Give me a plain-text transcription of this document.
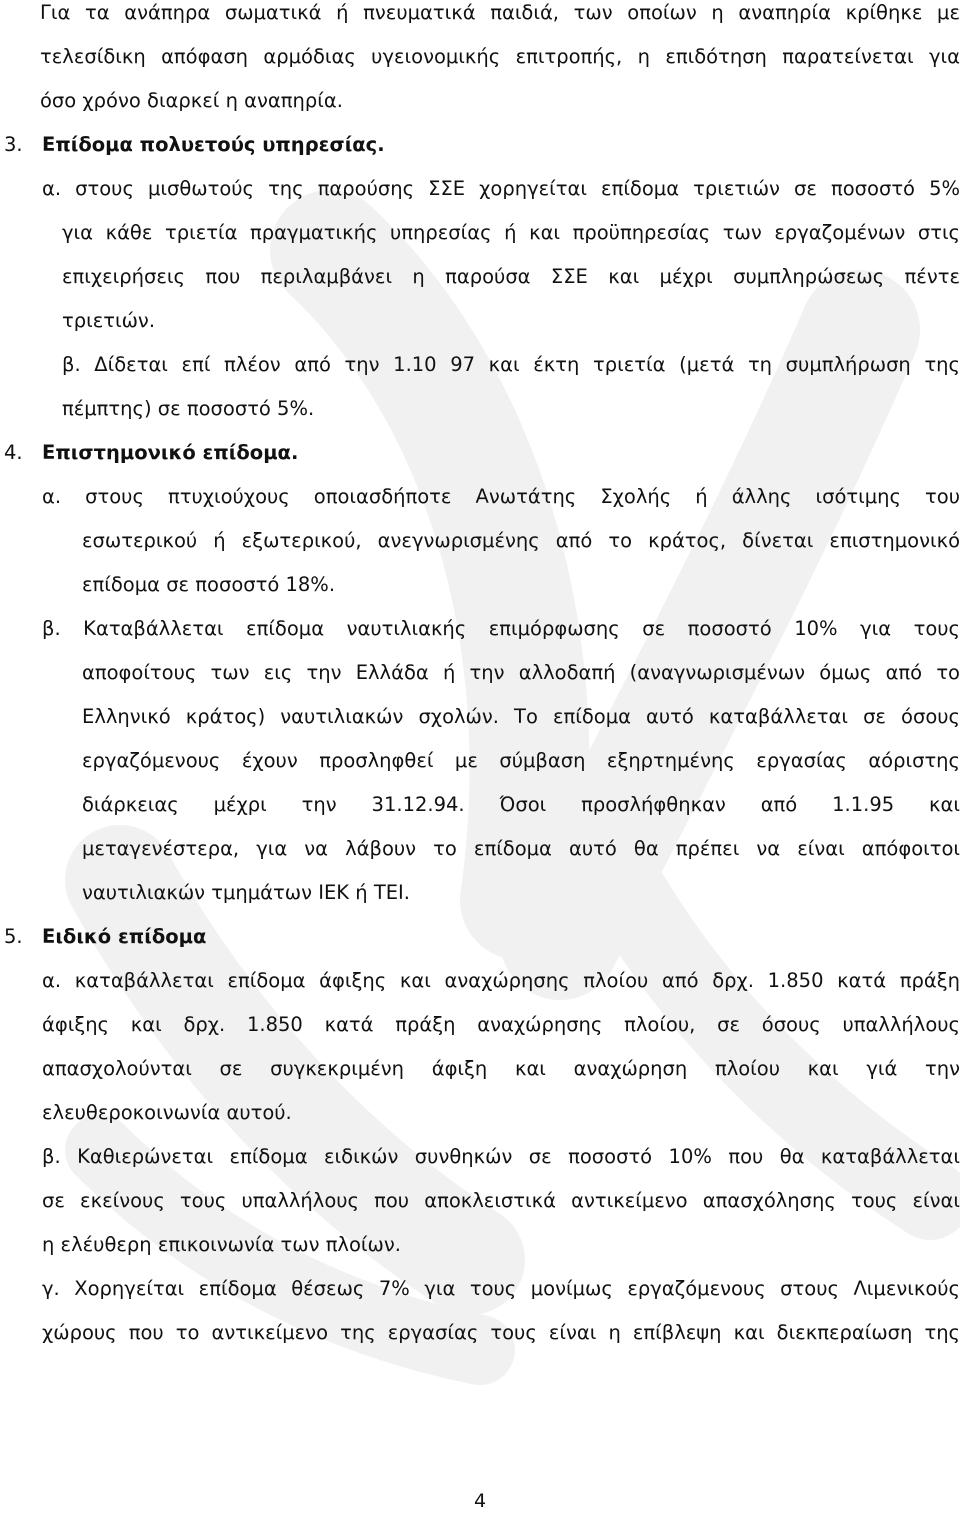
Για τα ανάπηρα σωματικά ή πνευματικά παιδιά, των οποίων η αναπηρία κρίθηκε με
τελεσίδικη απόφαση αρμόδιας υγειονομικής επιτροπής, η επιδότηση παρατείνεται για
όσο χρόνο διαρκεί η αναπηρία.
3. Επίδομα πολυετούς υπηρεσίας.
α. στους μισθωτούς της παρούσης ΣΣΕ χορηγείται επίδομα τριετιών σε ποσοστό 5%
για κάθε τριετία πραγματικής υπηρεσίας ή και προϋπηρεσίας των εργαζομένων στις
επιχειρήσεις που περιλαμβάνει η παρούσα ΣΣΕ και μέχρι συμπληρώσεως πέντε
τριετιών.
β. Δίδεται επί πλέον από την 1.10 97 και έκτη τριετία (μετά τη συμπλήρωση της
πέμπτης) σε ποσοστό 5%.
4. Επιστημονικό επίδομα.
α. στους πτυχιούχους οποιασδήποτε Ανωτάτης Σχολής ή άλλης ισότιμης του
εσωτερικού ή εξωτερικού, ανεγνωρισμένης από το κράτος, δίνεται επιστημονικό
επίδομα σε ποσοστό 18%.
β. Καταβάλλεται επίδομα ναυτιλιακής επιμόρφωσης σε ποσοστό 10% για τους
αποφοίτους των εις την Ελλάδα ή την αλλοδαπή (αναγνωρισμένων όμως από το
Ελληνικό κράτος) ναυτιλιακών σχολών. Το επίδομα αυτό καταβάλλεται σε όσους
εργαζόμενους έχουν προσληφθεί με σύμβαση εξηρτημένης εργασίας αόριστης
διάρκειας μέχρι την 31.12.94. Όσοι προσλήφθηκαν από 1.1.95 και
μεταγενέστερα, για να λάβουν το επίδομα αυτό θα πρέπει να είναι απόφοιτοι
ναυτιλιακών τμημάτων ΙΕΚ ή ΤΕΙ.
5. Ειδικό επίδομα
α. καταβάλλεται επίδομα άφιξης και αναχώρησης πλοίου από δρχ. 1.850 κατά πράξη
άφιξης και δρχ. 1.850 κατά πράξη αναχώρησης πλοίου, σε όσους υπαλλήλους
απασχολούνται σε συγκεκριμένη άφιξη και αναχώρηση πλοίου και γιά την
ελευθεροκοινωνία αυτού.
β. Καθιερώνεται επίδομα ειδικών συνθηκών σε ποσοστό 10% που θα καταβάλλεται
σε εκείνους τους υπαλλήλους που αποκλειστικά αντικείμενο απασχόλησης τους είναι
η ελέυθερη επικοινωνία των πλοίων.
γ. Χορηγείται επίδομα θέσεως 7% για τους μονίμως εργαζόμενους στους Λιμενικούς
χώρους που το αντικείμενο της εργασίας τους είναι η επίβλεψη και διεκπεραίωση της
4
